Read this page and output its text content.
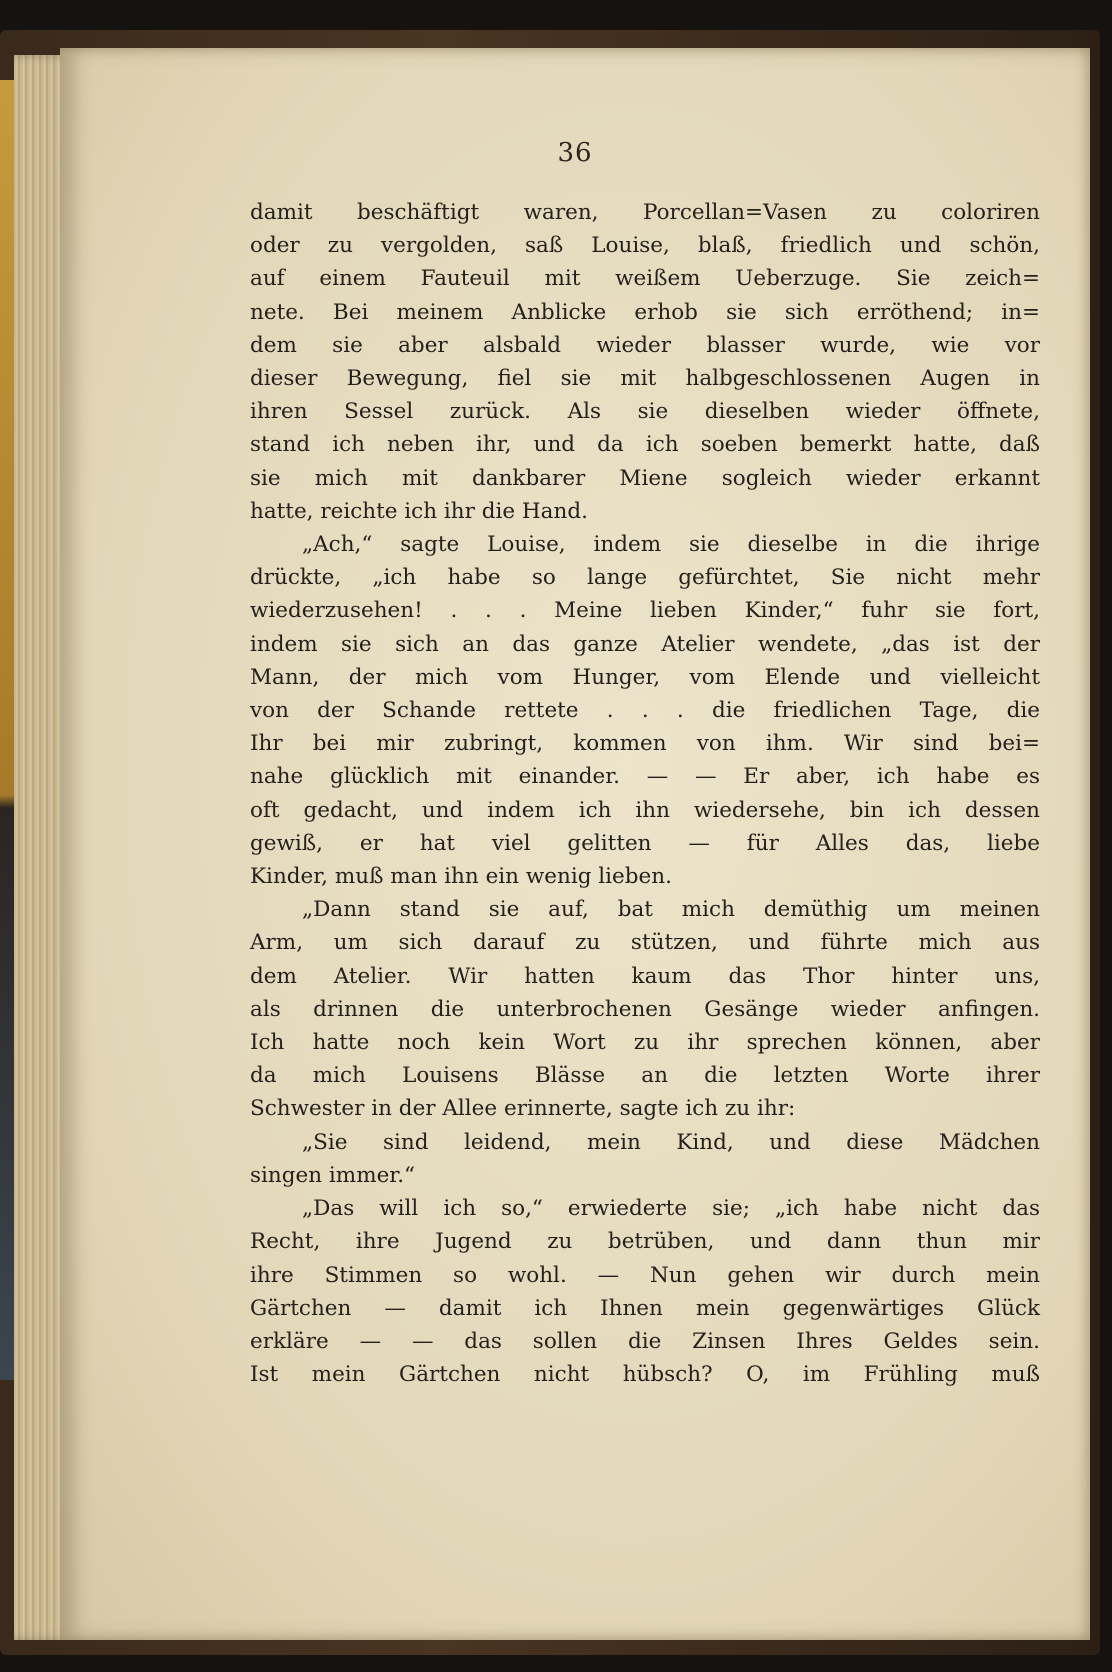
36
damit beschäftigt waren, Porcellan=Vasen zu coloriren
oder zu vergolden, saß Louise, blaß, friedlich und schön,
auf einem Fauteuil mit weißem Ueberzuge. Sie zeich=
nete. Bei meinem Anblicke erhob sie sich erröthend; in=
dem sie aber alsbald wieder blasser wurde, wie vor
dieser Bewegung, fiel sie mit halbgeschlossenen Augen in
ihren Sessel zurück. Als sie dieselben wieder öffnete,
stand ich neben ihr, und da ich soeben bemerkt hatte, daß
sie mich mit dankbarer Miene sogleich wieder erkannt
hatte, reichte ich ihr die Hand.
„Ach,“ sagte Louise, indem sie dieselbe in die ihrige
drückte, „ich habe so lange gefürchtet, Sie nicht mehr
wiederzusehen! . . . Meine lieben Kinder,“ fuhr sie fort,
indem sie sich an das ganze Atelier wendete, „das ist der
Mann, der mich vom Hunger, vom Elende und vielleicht
von der Schande rettete . . . die friedlichen Tage, die
Ihr bei mir zubringt, kommen von ihm. Wir sind bei=
nahe glücklich mit einander. — — Er aber, ich habe es
oft gedacht, und indem ich ihn wiedersehe, bin ich dessen
gewiß, er hat viel gelitten — für Alles das, liebe
Kinder, muß man ihn ein wenig lieben.
„Dann stand sie auf, bat mich demüthig um meinen
Arm, um sich darauf zu stützen, und führte mich aus
dem Atelier. Wir hatten kaum das Thor hinter uns,
als drinnen die unterbrochenen Gesänge wieder anfingen.
Ich hatte noch kein Wort zu ihr sprechen können, aber
da mich Louisens Blässe an die letzten Worte ihrer
Schwester in der Allee erinnerte, sagte ich zu ihr:
„Sie sind leidend, mein Kind, und diese Mädchen
singen immer.“
„Das will ich so,“ erwiederte sie; „ich habe nicht das
Recht, ihre Jugend zu betrüben, und dann thun mir
ihre Stimmen so wohl. — Nun gehen wir durch mein
Gärtchen — damit ich Ihnen mein gegenwärtiges Glück
erkläre — — das sollen die Zinsen Ihres Geldes sein.
Ist mein Gärtchen nicht hübsch? O, im Frühling muß
